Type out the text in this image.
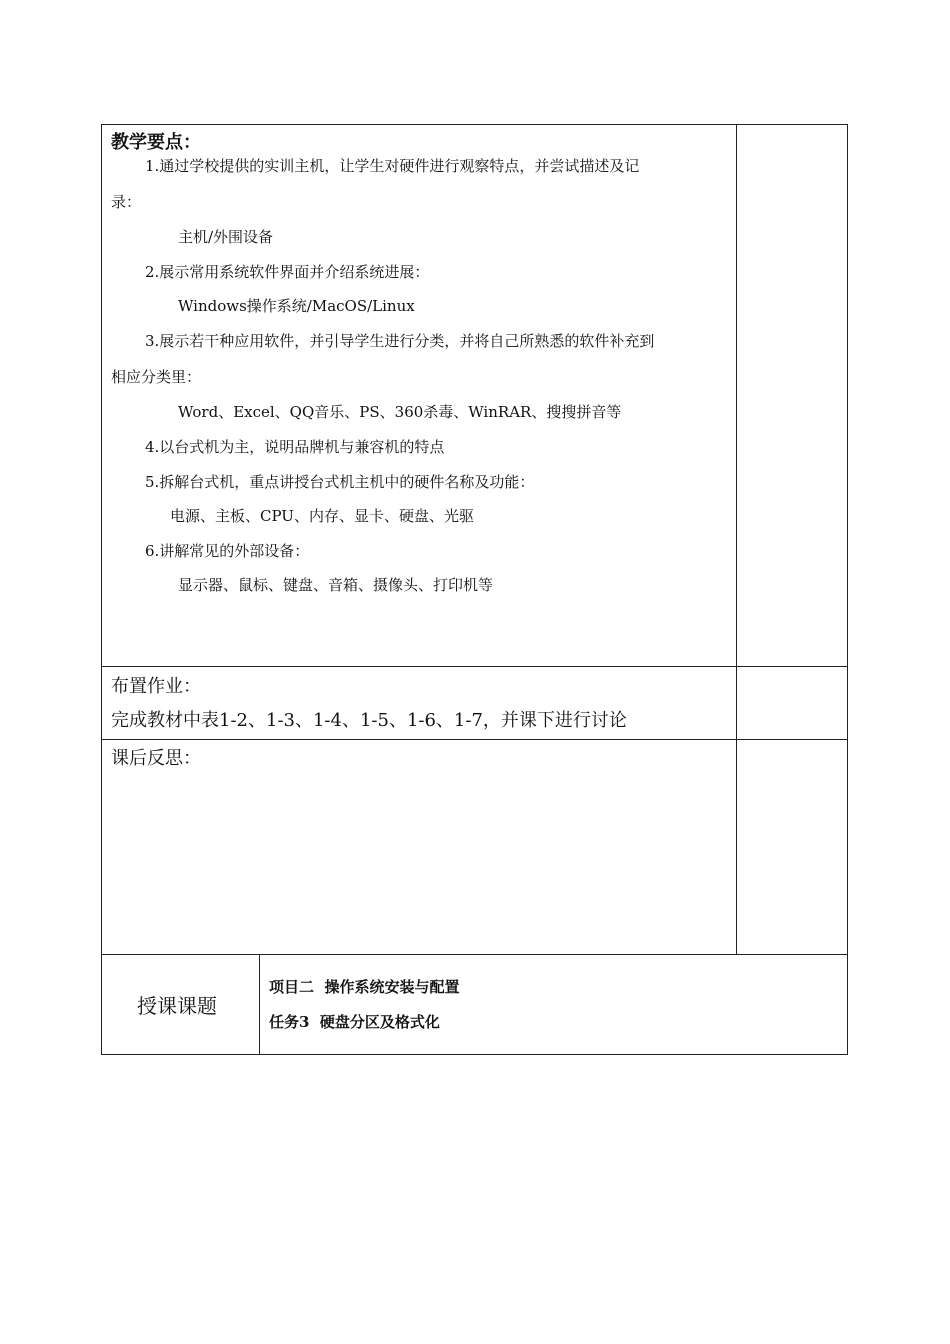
教学要点：
1.通过学校提供的实训主机，让学生对硬件进行观察特点，并尝试描述及记
录：
主机/外围设备
2.展示常用系统软件界面并介绍系统进展：
Windows操作系统/MacOS/Linux
3.展示若干种应用软件，并引导学生进行分类，并将自己所熟悉的软件补充到
相应分类里：
Word、Excel、QQ音乐、PS、360杀毒、WinRAR、搜搜拼音等
4.以台式机为主，说明品牌机与兼容机的特点
5.拆解台式机，重点讲授台式机主机中的硬件名称及功能：
电源、主板、CPU、内存、显卡、硬盘、光驱
6.讲解常见的外部设备：
显示器、鼠标、键盘、音箱、摄像头、打印机等
布置作业：
完成教材中表1-2、1-3、1-4、1-5、1-6、1-7，并课下进行讨论
课后反思：
授课课题
项目二  操作系统安装与配置
任务3  硬盘分区及格式化
